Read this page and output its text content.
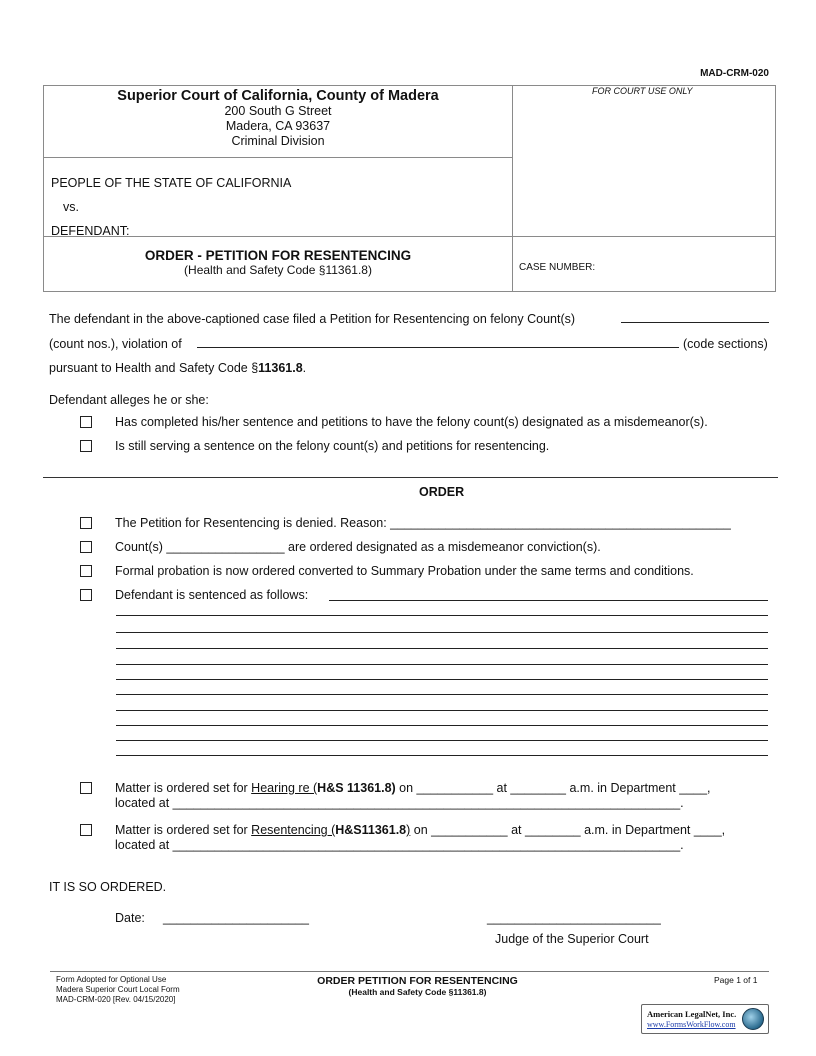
MAD-CRM-020
Superior Court of California, County of Madera
200 South G Street
Madera, CA 93637
Criminal Division
FOR COURT USE ONLY
PEOPLE OF THE STATE OF CALIFORNIA
vs.
DEFENDANT:
ORDER - PETITION FOR RESENTENCING
(Health and Safety Code §11361.8)	CASE NUMBER:
The defendant in the above-captioned case filed a Petition for Resentencing on felony Count(s)
(count nos.), violation of	(code sections)
pursuant to Health and Safety Code §11361.8.
Defendant alleges he or she:
Has completed his/her sentence and petitions to have the felony count(s) designated as a misdemeanor(s).
Is still serving a sentence on the felony count(s) and petitions for resentencing.
ORDER
The Petition for Resentencing is denied. Reason: _________________________________________________
Count(s) _________________ are ordered designated as a misdemeanor conviction(s).
Formal probation is now ordered converted to Summary Probation under the same terms and conditions.
Defendant is sentenced as follows:
Matter is ordered set for Hearing re (H&S 11361.8) on ___________ at ________ a.m. in Department ____,
located at _________________________________________________________________________.
Matter is ordered set for Resentencing (H&S11361.8) on ___________ at ________ a.m. in Department ____,
located at _________________________________________________________________________.
IT IS SO ORDERED.
Date: _____________________	_________________________
Judge of the Superior Court
Form Adopted for Optional Use
Madera Superior Court Local Form
MAD-CRM-020 [Rev. 04/15/2020]
ORDER PETITION FOR RESENTENCING
(Health and Safety Code §11361.8)
Page 1 of 1
American LegalNet, Inc.
www.FormsWorkFlow.com
